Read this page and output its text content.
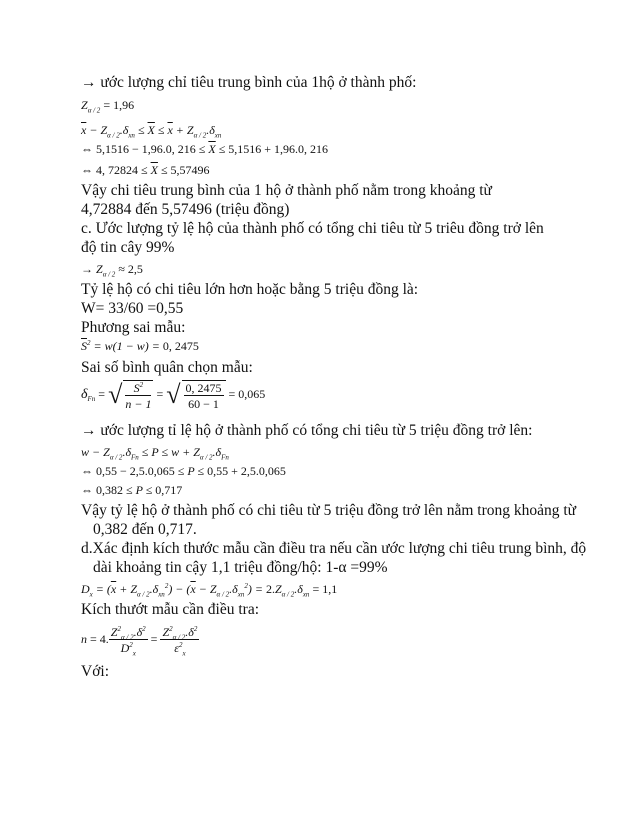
→ ước lượng chỉ tiêu trung bình của 1hộ ở thành phố:
$Z_{\alpha / 2} = 1,96$
$\overline{x} - Z_{\alpha / 2}.\delta_{xn} \le \overline{X} \le \overline{x} + Z_{\alpha / 2}.\delta_{xn}$
⇔ 5,1516 − 1,96.0, $216 \le \overline{X} \le 5,1516 + 1,96.0$, 216
⇔ 4, $72824 \le \overline{X} \le 5,57496$
Vậy chi tiêu trung bình của 1 hộ ở thành phố nằm trong khoảng từ
4,72884 đến 5,57496 (triệu đồng)
c. Ước lượng tỷ lệ hộ của thành phố có tổng chi tiêu từ 5 triêu đồng trở lên
độ tin cây 99%
→ $Z_{\alpha / 2} \approx 2,5$
Tỷ lệ hộ có chi tiêu lớn hơn hoặc bằng 5 triệu đồng là:
W= 33/60 =0,55
Phương sai mẫu:
$\overline{S}^2 = w(1 - w) = 0$, 2475
Sai số bình quân chọn mẫu:
$\delta_{Fn}$ = √ $\frac{S^2}{n - 1}$ = √ $\frac{0, 2475}{60 - 1} = 0,065$
→ ước lượng tỉ lệ hộ ở thành phố có tổng chi tiêu từ 5 triệu đồng trở lên:
$w - Z_{\alpha / 2}.\delta_{Fn} \le P \le w + Z_{\alpha / 2}.\delta_{Fn}$
⇔ 0,55 − 2,5.0,065 ≤ P ≤ 0,55 + 2,5.0,065
⇔ 0,382 ≤ P ≤ 0,717
Vậy tỷ lệ hộ ở thành phố có chi tiêu từ 5 triệu đồng trở lên nằm trong khoảng từ
0,382 đến 0,717.
d.Xác định kích thước mẫu cần điều tra nếu cần ước lượng chi tiêu trung bình, độ
dài khoảng tin cậy 1,1 triệu đồng/hộ: 1-α =99%
$D_x = (\overline{x} + Z_{\alpha / 2}.\delta_{xn}^2) - (\overline{x} - Z_{\alpha / 2}.\delta_{xn}^2) = 2.Z_{\alpha / 2}.\delta_{xn} = 1,1$
Kích thướt mẫu cần điều tra:
n = 4. $\frac{Z^2_{\alpha / 2}.\delta^2}{D^2_x} = \frac{Z^2_{\alpha / 2}.\delta^2}{\varepsilon^2_x}$
Với:
